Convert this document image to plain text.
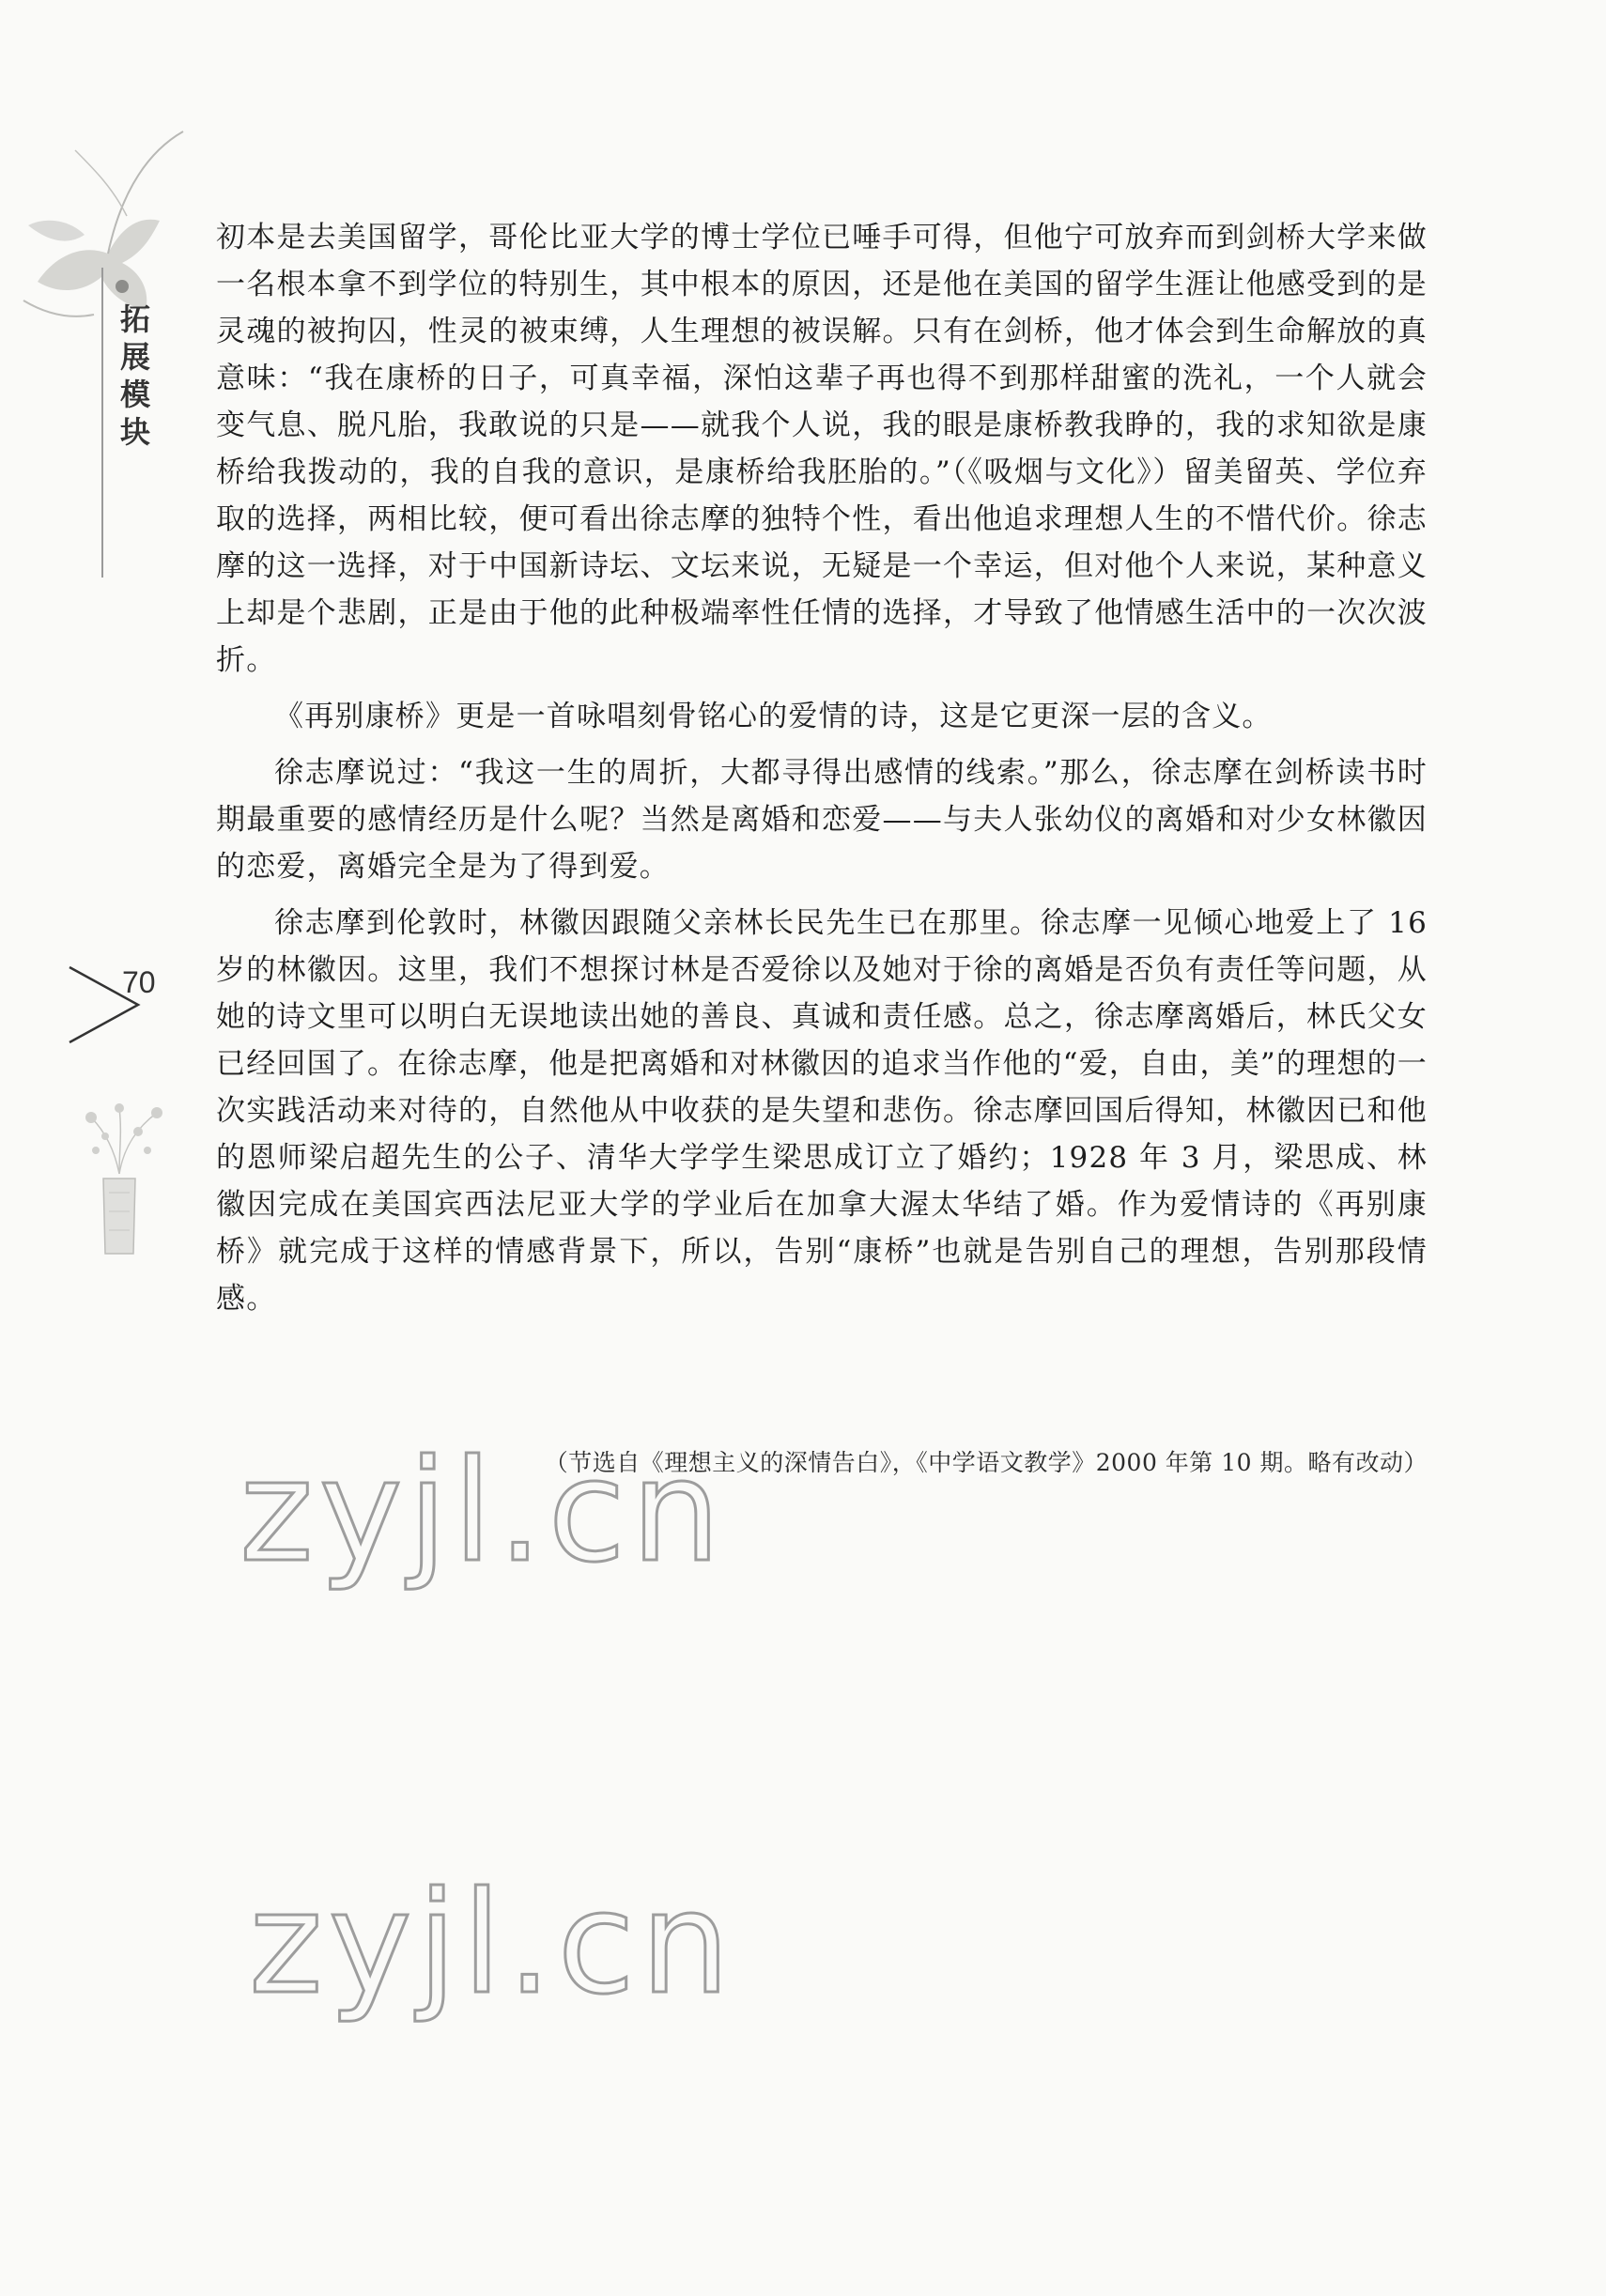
拓展模块
70

初本是去美国留学，哥伦比亚大学的博士学位已唾手可得，但他宁可放弃而到剑桥大学来做一名根本拿不到学位的特别生，其中根本的原因，还是他在美国的留学生涯让他感受到的是灵魂的被拘囚，性灵的被束缚，人生理想的被误解。只有在剑桥，他才体会到生命解放的真意味：“我在康桥的日子，可真幸福，深怕这辈子再也得不到那样甜蜜的洗礼，一个人就会变气息、脱凡胎，我敢说的只是——就我个人说，我的眼是康桥教我睁的，我的求知欲是康桥给我拨动的，我的自我的意识，是康桥给我胚胎的。”（《吸烟与文化》）留美留英、学位弃取的选择，两相比较，便可看出徐志摩的独特个性，看出他追求理想人生的不惜代价。徐志摩的这一选择，对于中国新诗坛、文坛来说，无疑是一个幸运，但对他个人来说，某种意义上却是个悲剧，正是由于他的此种极端率性任情的选择，才导致了他情感生活中的一次次波折。

《再别康桥》更是一首咏唱刻骨铭心的爱情的诗，这是它更深一层的含义。

徐志摩说过：“我这一生的周折，大都寻得出感情的线索。”那么，徐志摩在剑桥读书时期最重要的感情经历是什么呢？当然是离婚和恋爱——与夫人张幼仪的离婚和对少女林徽因的恋爱，离婚完全是为了得到爱。

徐志摩到伦敦时，林徽因跟随父亲林长民先生已在那里。徐志摩一见倾心地爱上了 16 岁的林徽因。这里，我们不想探讨林是否爱徐以及她对于徐的离婚是否负有责任等问题，从她的诗文里可以明白无误地读出她的善良、真诚和责任感。总之，徐志摩离婚后，林氏父女已经回国了。在徐志摩，他是把离婚和对林徽因的追求当作他的“爱，自由，美”的理想的一次实践活动来对待的，自然他从中收获的是失望和悲伤。徐志摩回国后得知，林徽因已和他的恩师梁启超先生的公子、清华大学学生梁思成订立了婚约；1928 年 3 月，梁思成、林徽因完成在美国宾西法尼亚大学的学业后在加拿大渥太华结了婚。作为爱情诗的《再别康桥》就完成于这样的情感背景下，所以，告别“康桥”也就是告别自己的理想，告别那段情感。

（节选自《理想主义的深情告白》，《中学语文教学》2000 年第 10 期。略有改动）
zyjl.cn
zyjl.cn
